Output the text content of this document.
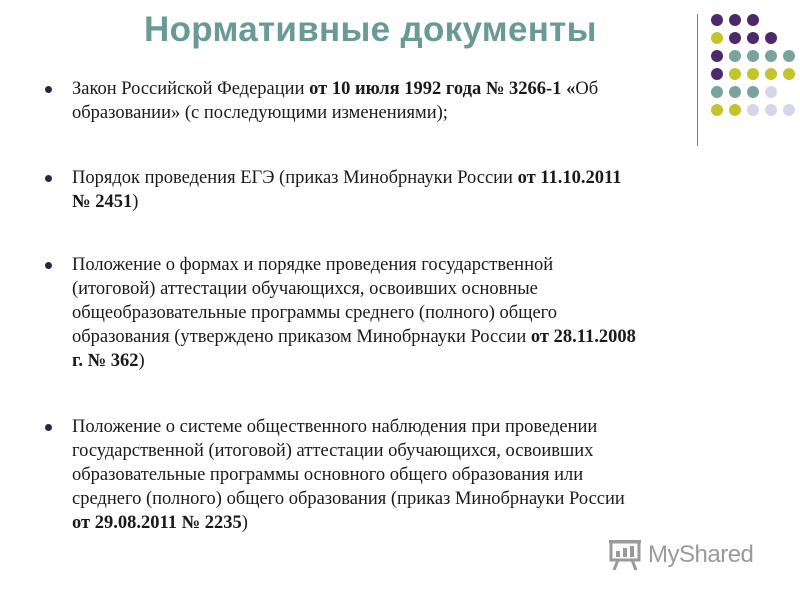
Нормативные документы
Закон Российской Федерации от 10 июля 1992 года № 3266-1 «Об
образовании» (с последующими изменениями);
Порядок проведения ЕГЭ (приказ Минобрнауки России от 11.10.2011
№ 2451)
Положение о формах и порядке проведения государственной
(итоговой) аттестации обучающихся, освоивших основные
общеобразовательные программы среднего (полного) общего
образования (утверждено приказом Минобрнауки России от 28.11.2008
г. № 362)
Положение о системе общественного наблюдения при проведении
государственной (итоговой) аттестации обучающихся, освоивших
образовательные программы основного общего образования или
среднего (полного) общего образования (приказ Минобрнауки России
от 29.08.2011 № 2235)
MyShared
